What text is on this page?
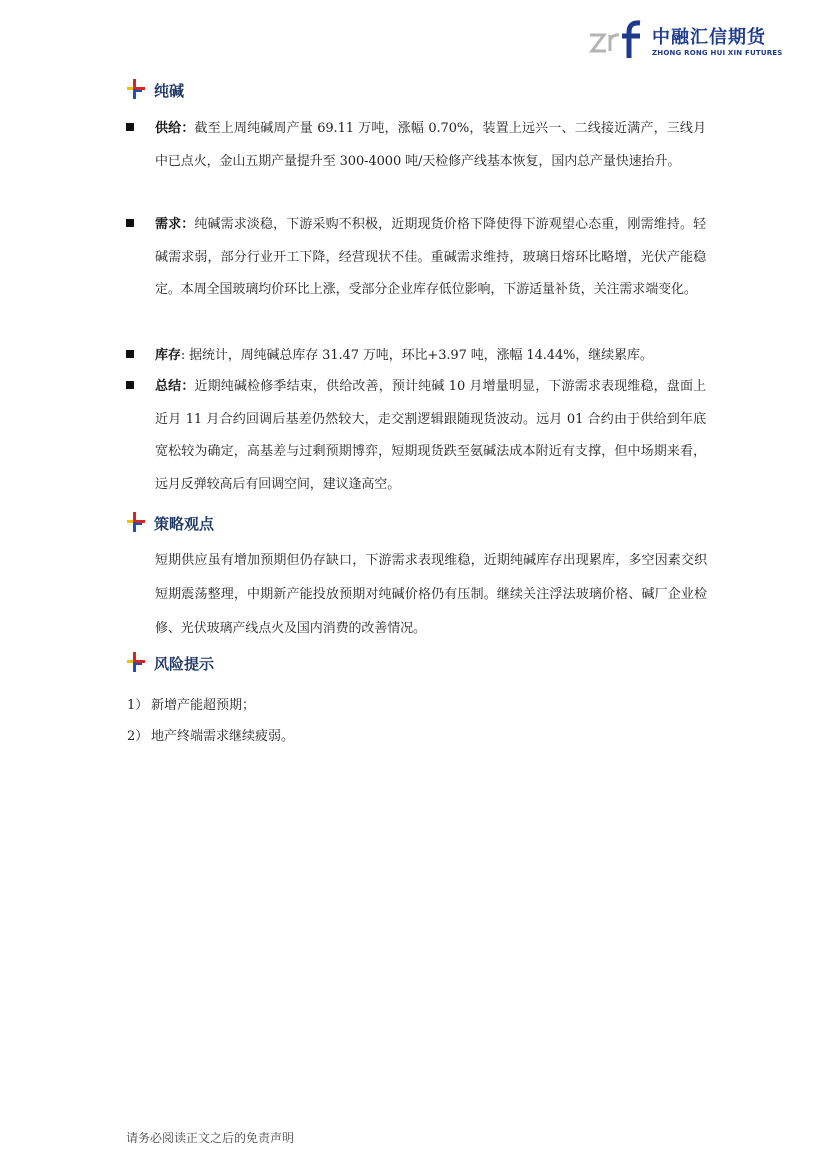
中融汇信期货
ZHONG RONG HUI XIN FUTURES
纯碱
供给：截至上周纯碱周产量 69.11 万吨，涨幅 0.70%，装置上远兴一、二线接近满产，三线月中已点火，金山五期产量提升至 300-4000 吨/天检修产线基本恢复，国内总产量快速抬升。
需求：纯碱需求淡稳，下游采购不积极，近期现货价格下降使得下游观望心态重，刚需维持。轻碱需求弱，部分行业开工下降，经营现状不佳。重碱需求维持，玻璃日熔环比略增，光伏产能稳定。本周全国玻璃均价环比上涨，受部分企业库存低位影响，下游适量补货，关注需求端变化。
库存: 据统计，周纯碱总库存 31.47 万吨，环比+3.97 吨，涨幅 14.44%，继续累库。
总结：近期纯碱检修季结束，供给改善，预计纯碱 10 月增量明显，下游需求表现维稳，盘面上近月 11 月合约回调后基差仍然较大，走交割逻辑跟随现货波动。远月 01 合约由于供给到年底宽松较为确定，高基差与过剩预期博弈，短期现货跌至氨碱法成本附近有支撑，但中场期来看，远月反弹较高后有回调空间，建议逢高空。
策略观点
短期供应虽有增加预期但仍存缺口，下游需求表现维稳，近期纯碱库存出现累库，多空因素交织短期震荡整理，中期新产能投放预期对纯碱价格仍有压制。继续关注浮法玻璃价格、碱厂企业检修、光伏玻璃产线点火及国内消费的改善情况。
风险提示
1） 新增产能超预期；
2） 地产终端需求继续疲弱。
请务必阅读正文之后的免责声明
